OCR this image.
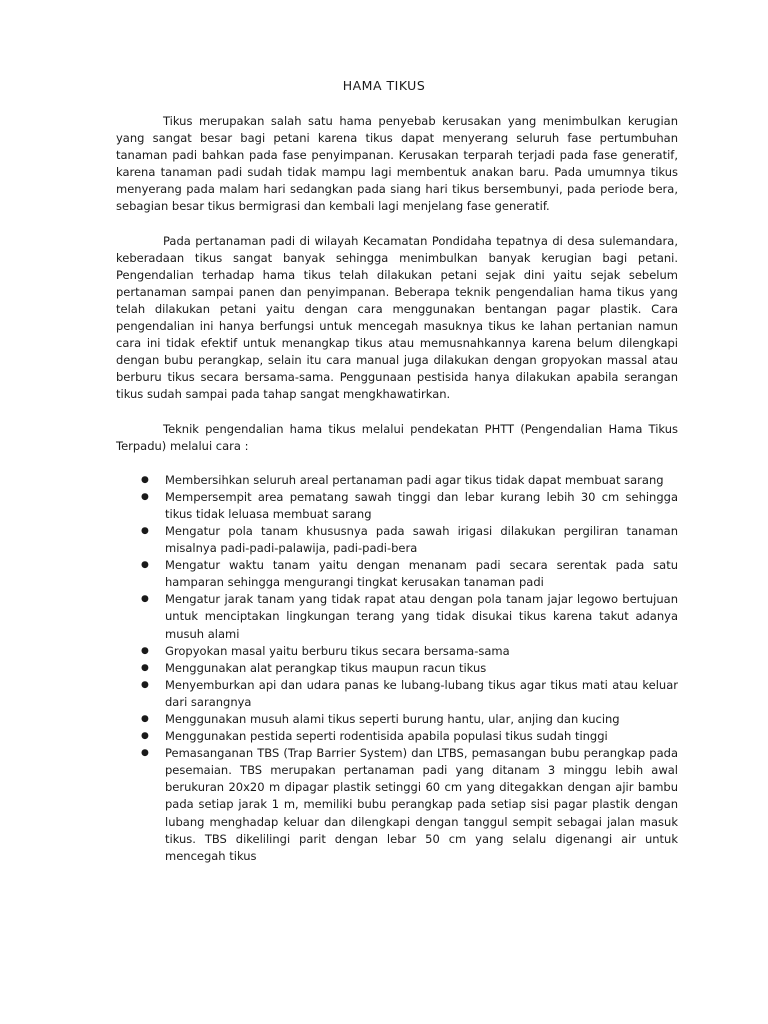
HAMA TIKUS

Tikus merupakan salah satu hama penyebab kerusakan yang menimbulkan kerugian yang sangat besar bagi petani karena tikus dapat menyerang seluruh fase pertumbuhan tanaman padi bahkan pada fase penyimpanan. Kerusakan terparah terjadi pada fase generatif, karena tanaman padi sudah tidak mampu lagi membentuk anakan baru. Pada umumnya tikus menyerang pada malam hari sedangkan pada siang hari tikus bersembunyi, pada periode bera, sebagian besar tikus bermigrasi dan kembali lagi menjelang fase generatif.

Pada pertanaman padi di wilayah Kecamatan Pondidaha tepatnya di desa sulemandara, keberadaan tikus sangat banyak sehingga menimbulkan banyak kerugian bagi petani. Pengendalian terhadap hama tikus telah dilakukan petani sejak dini yaitu sejak sebelum pertanaman sampai panen dan penyimpanan. Beberapa teknik pengendalian hama tikus yang telah dilakukan petani yaitu dengan cara menggunakan bentangan pagar plastik. Cara pengendalian ini hanya berfungsi untuk mencegah masuknya tikus ke lahan pertanian namun cara ini tidak efektif untuk menangkap tikus atau memusnahkannya karena belum dilengkapi dengan bubu perangkap, selain itu cara manual juga dilakukan dengan gropyokan massal atau berburu tikus secara bersama-sama. Penggunaan pestisida hanya dilakukan apabila serangan tikus sudah sampai pada tahap sangat mengkhawatirkan.

Teknik pengendalian hama tikus melalui pendekatan PHTT (Pengendalian Hama Tikus Terpadu) melalui cara :

● Membersihkan seluruh areal pertanaman padi agar tikus tidak dapat membuat sarang
● Mempersempit area pematang sawah tinggi dan lebar kurang lebih 30 cm sehingga tikus tidak leluasa membuat sarang
● Mengatur pola tanam khususnya pada sawah irigasi dilakukan pergiliran tanaman misalnya padi-padi-palawija, padi-padi-bera
● Mengatur waktu tanam yaitu dengan menanam padi secara serentak pada satu hamparan sehingga mengurangi tingkat kerusakan tanaman padi
● Mengatur jarak tanam yang tidak rapat atau dengan pola tanam jajar legowo bertujuan untuk menciptakan lingkungan terang yang tidak disukai tikus karena takut adanya musuh alami
● Gropyokan masal yaitu berburu tikus secara bersama-sama
● Menggunakan alat perangkap tikus maupun racun tikus
● Menyemburkan api dan udara panas ke lubang-lubang tikus agar tikus mati atau keluar dari sarangnya
● Menggunakan musuh alami tikus seperti burung hantu, ular, anjing dan kucing
● Menggunakan pestida seperti rodentisida apabila populasi tikus sudah tinggi
● Pemasanganan TBS (Trap Barrier System) dan LTBS, pemasangan bubu perangkap pada pesemaian. TBS merupakan pertanaman padi yang ditanam 3 minggu lebih awal berukuran 20x20 m dipagar plastik setinggi 60 cm yang ditegakkan dengan ajir bambu pada setiap jarak 1 m, memiliki bubu perangkap pada setiap sisi pagar plastik dengan lubang menghadap keluar dan dilengkapi dengan tanggul sempit sebagai jalan masuk tikus. TBS dikelilingi parit dengan lebar 50 cm yang selalu digenangi air untuk mencegah tikus
